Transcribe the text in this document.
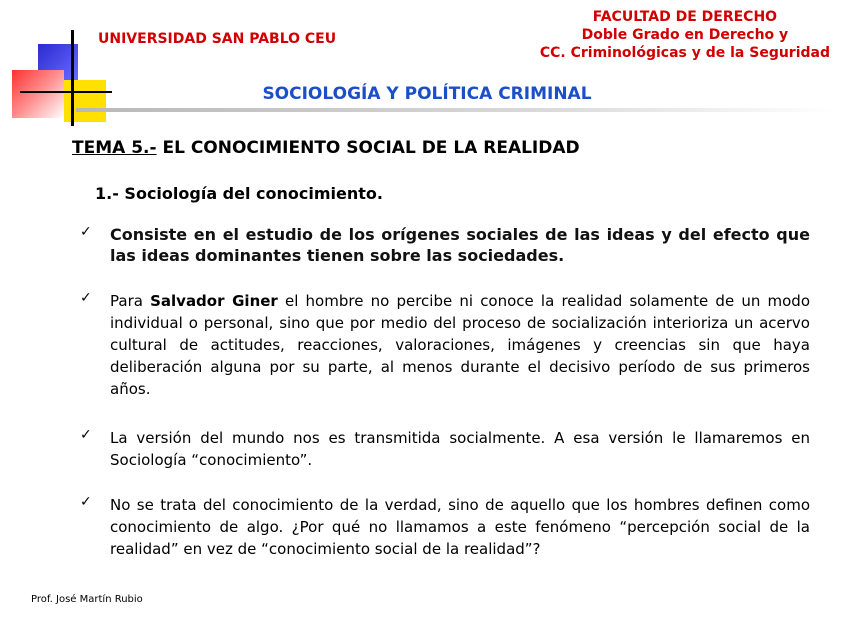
UNIVERSIDAD SAN PABLO CEU
FACULTAD DE DERECHO
Doble Grado en Derecho y
CC. Criminológicas y de la Seguridad
SOCIOLOGÍA Y POLÍTICA CRIMINAL
TEMA 5.- EL CONOCIMIENTO SOCIAL DE LA REALIDAD
1.- Sociología del conocimiento.
✓ Consiste en el estudio de los orígenes sociales de las ideas y del efecto que las ideas dominantes tienen sobre las sociedades.
✓ Para Salvador Giner el hombre no percibe ni conoce la realidad solamente de un modo individual o personal, sino que por medio del proceso de socialización interioriza un acervo cultural de actitudes, reacciones, valoraciones, imágenes y creencias sin que haya deliberación alguna por su parte, al menos durante el decisivo período de sus primeros años.
✓ La versión del mundo nos es transmitida socialmente. A esa versión le llamaremos en Sociología “conocimiento”.
✓ No se trata del conocimiento de la verdad, sino de aquello que los hombres definen como conocimiento de algo. ¿Por qué no llamamos a este fenómeno “percepción social de la realidad” en vez de “conocimiento social de la realidad”?
Prof. José Martín Rubio
